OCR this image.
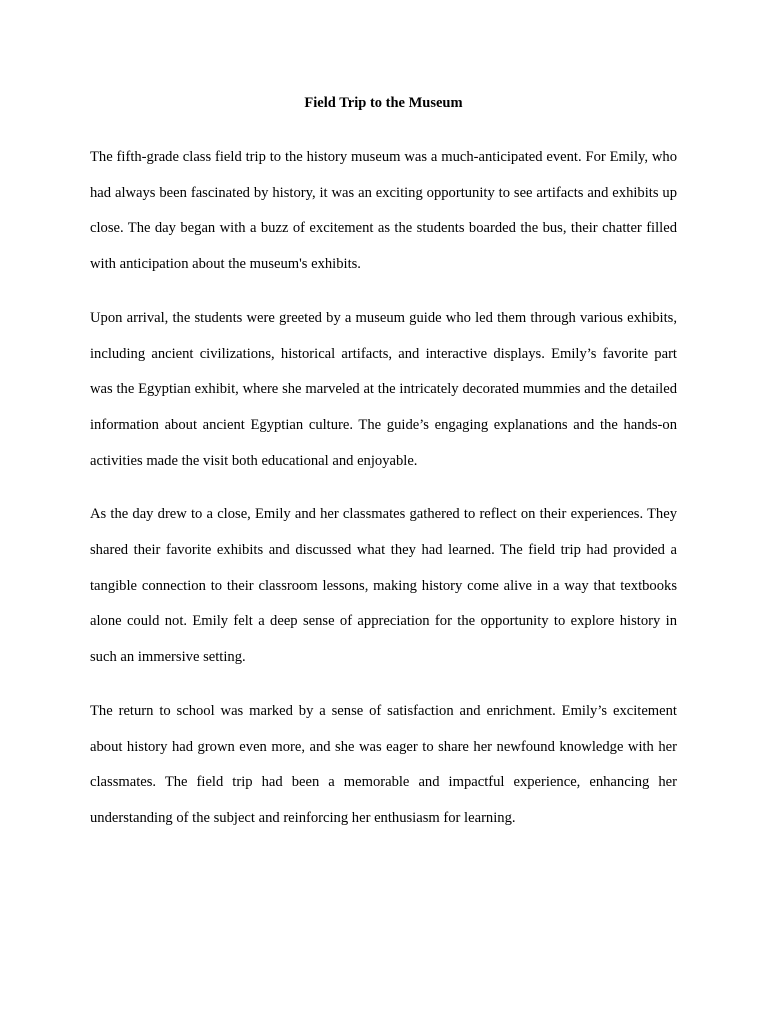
Field Trip to the Museum

The fifth-grade class field trip to the history museum was a much-anticipated event. For Emily, who had always been fascinated by history, it was an exciting opportunity to see artifacts and exhibits up close. The day began with a buzz of excitement as the students boarded the bus, their chatter filled with anticipation about the museum's exhibits.

Upon arrival, the students were greeted by a museum guide who led them through various exhibits, including ancient civilizations, historical artifacts, and interactive displays. Emily’s favorite part was the Egyptian exhibit, where she marveled at the intricately decorated mummies and the detailed information about ancient Egyptian culture. The guide’s engaging explanations and the hands-on activities made the visit both educational and enjoyable.

As the day drew to a close, Emily and her classmates gathered to reflect on their experiences. They shared their favorite exhibits and discussed what they had learned. The field trip had provided a tangible connection to their classroom lessons, making history come alive in a way that textbooks alone could not. Emily felt a deep sense of appreciation for the opportunity to explore history in such an immersive setting.

The return to school was marked by a sense of satisfaction and enrichment. Emily’s excitement about history had grown even more, and she was eager to share her newfound knowledge with her classmates. The field trip had been a memorable and impactful experience, enhancing her understanding of the subject and reinforcing her enthusiasm for learning.
